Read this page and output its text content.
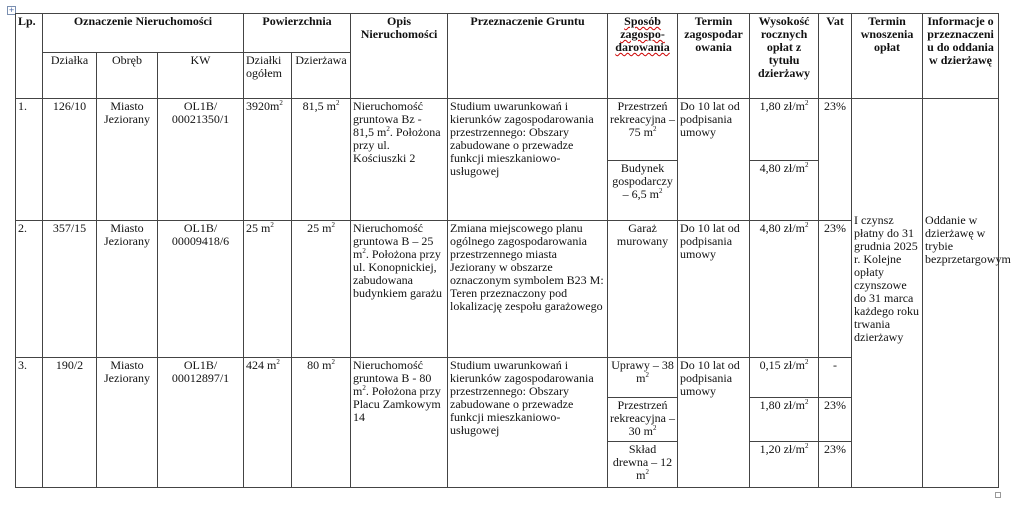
+
Lp.	Oznaczenie Nieruchomości			Powierzchnia		Opis Nieruchomości	Przeznaczenie Gruntu	Sposób zagospo-darowania	Termin zagospodar owania	Wysokość rocznych opłat z tytułu dzierżawy	Vat	Termin wnoszenia opłat	Informacje o przeznaczeni u do oddania w dzierżawę
	Działka	Obręb	KW	Działki ogółem	Dzierżawa								
1.	126/10	Miasto Jeziorany	OL1B/ 00021350/1	$3920m^2$	81,5 $m^2$	Nieruchomość gruntowa Bz - 81,5 $m^2$. Położona przy ul. Kościuszki 2	Studium uwarunkowań i kierunków zagospodarowania przestrzennego: Obszary zabudowane o przewadze funkcji mieszkaniowo-usługowej	Przestrzeń rekreacyjna – 75 $m^2$	Do 10 lat od podpisania umowy	1,80 $zł/m^2$	23%	I czynsz płatny do 31 grudnia 2025 r. Kolejne opłaty czynszowe do 31 marca każdego roku trwania dzierżawy	Oddanie w dzierżawę w trybie bezprzetargowym
								Budynek gospodarczy – 6,5 $m^2$		4,80 $zł/m^2$
2.	357/15	Miasto Jeziorany	OL1B/ 00009418/6	25 $m^2$	25 $m^2$	Nieruchomość gruntowa B – 25 $m^2$. Położona przy ul. Konopnickiej, zabudowana budynkiem garażu	Zmiana miejscowego planu ogólnego zagospodarowania przestrzennego miasta Jeziorany w obszarze oznaczonym symbolem B23 M: Teren przeznaczony pod lokalizację zespołu garażowego	Garaż murowany	Do 10 lat od podpisania umowy	4,80 $zł/m^2$	23%		
3.	190/2	Miasto Jeziorany	OL1B/ 00012897/1	424 $m^2$	80 $m^2$	Nieruchomość gruntowa B - 80 $m^2$. Położona przy Placu Zamkowym 14	Studium uwarunkowań i kierunków zagospodarowania przestrzennego: Obszary zabudowane o przewadze funkcji mieszkaniowo-usługowej	Uprawy – 38 $m^2$	Do 10 lat od podpisania umowy	0,15 $zł/m^2$	-		
								Przestrzeń rekreacyjna – 30 $m^2$		1,80 $zł/m^2$	23%		
								Skład drewna – 12 $m^2$		1,20 $zł/m^2$	23%		
